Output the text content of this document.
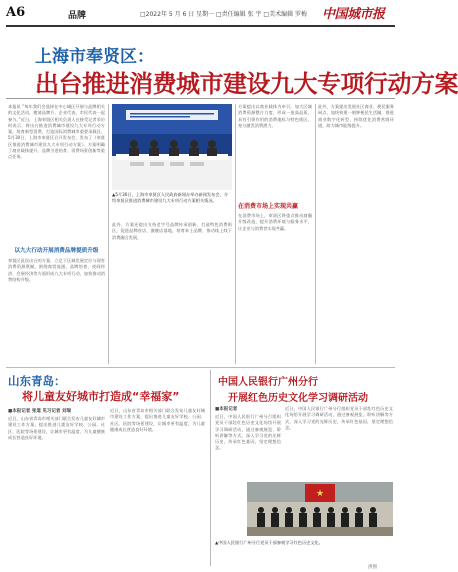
A6	品牌	□2022年 5 月 6 日 星期一 □责任编辑 张 宇 □美术编辑 罗梅 中国城市报
上海市奉贤区：
出台推进消费城市建设九大专项行动方案
本报讯 “每年我们会选择在中心城区开展与品牌相关的文化活动，邀请品牌方、企业代表、市民代表一起参与。”近日，上海奉贤区相关负责人在接受记者采访时表示，将出台推进消费城市建设九大专项行动方案，培育新型消费，打造国际消费城市重要承载区。5月30日，上海市奉贤区召开发布会，发布了《奉贤区推进消费城市建设九大专项行动方案》。方案明确了商业载体提升、品牌引进培育、消费场景创新等重点任务。
以九大行动开展消费品牌提质升级
奉贤区此次出台的方案，立足于区域发展定位与现有消费资源禀赋，围绕商贸流通、品牌培育、夜间经济、会展经济等方面形成九大专项行动，加快推动消费结构升级。
▲5月30日，上海市奉贤区人民政府新闻办举办新闻发布会，介绍奉贤区推进消费城市建设九大专项行动方案相关情况。
此外，方案还提出支持老字号品牌传承创新，打造特色消费街区，促进品牌首店、旗舰店落地，培育本土品牌，推动线上线下消费融合发展。
方案提出以商业载体为牵引，加大区域消费资源整合力度，形成一批高品质、具有引领作用的消费地标与特色街区，充分激发消费潜力。
在消费市场上实现共赢
在消费市场上，奉贤区将重点推动商圈升级改造，提升消费环境与服务水平，让企业与消费者实现共赢。
此外，方案提出发展社区商业、便民服务网点，加快构建一刻钟便民生活圈，推进商业数字化转型，持续优化消费营商环境，助力城市能级提升。
山东青岛：
将儿童友好城市打造成“幸福家”
■本报记者 张道 见习记者 刘瑞
近日，山东省青岛市相关部门联合发布儿童友好城市建设工作方案，提出推进儿童友好学校、公园、社区、医院等场景建设，让城市更有温度，为儿童健康成长营造良好环境。
近日，山东省青岛市相关部门联合发布儿童友好城市建设工作方案，提出推进儿童友好学校、公园、社区、医院等场景建设，让城市更有温度，为儿童健康成长营造良好环境。
中国人民银行广州分行
开展红色历史文化学习调研活动
■本报记者
近日，中国人民银行广州分行组织党员干部赴红色历史文化场馆开展学习调研活动，通过参观展览、聆听讲解等方式，深入学习党的光辉历史，传承红色基因，坚定理想信念。
近日，中国人民银行广州分行组织党员干部赴红色历史文化场馆开展学习调研活动，通过参观展览、聆听讲解等方式，深入学习党的光辉历史，传承红色基因，坚定理想信念。
★
▲中国人民银行广州分行党员干部参观学习红色历史文化。
供图
